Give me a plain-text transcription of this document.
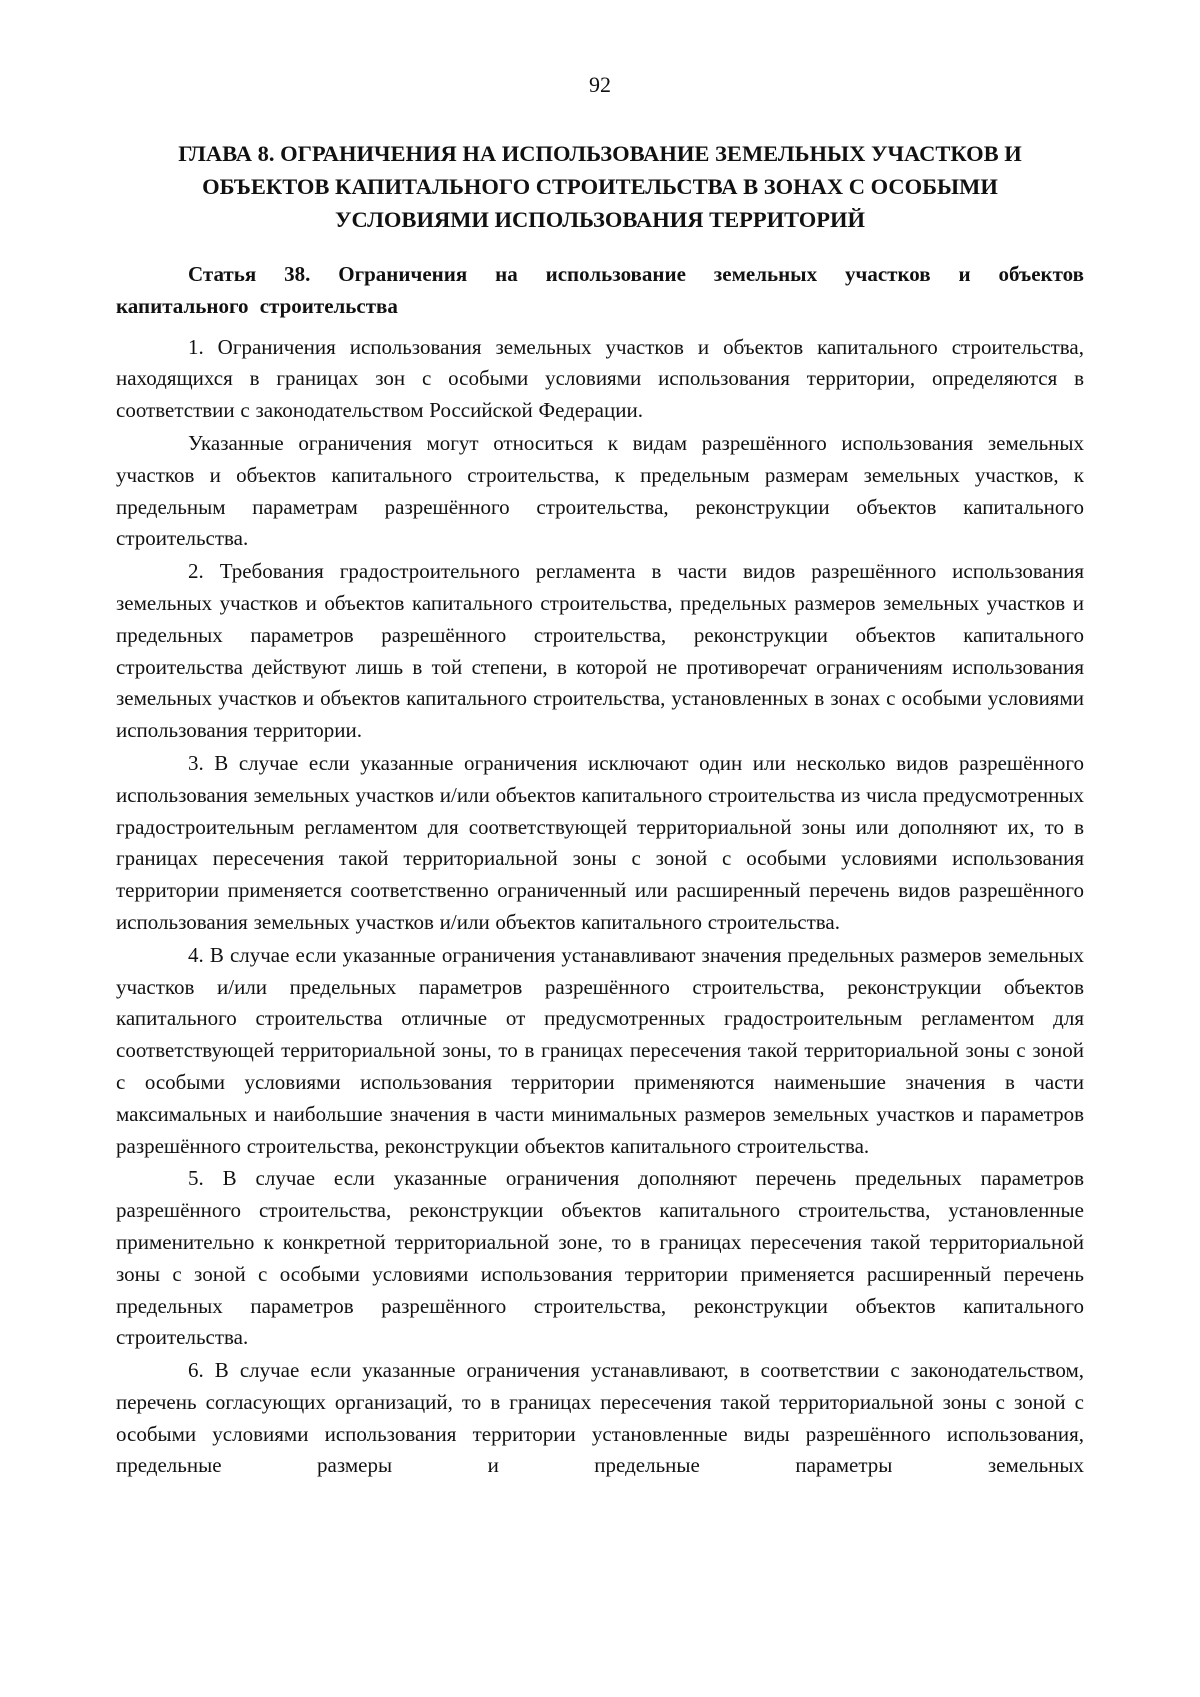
92
ГЛАВА 8. ОГРАНИЧЕНИЯ НА ИСПОЛЬЗОВАНИЕ ЗЕМЕЛЬНЫХ УЧАСТКОВ И
ОБЪЕКТОВ КАПИТАЛЬНОГО СТРОИТЕЛЬСТВА В ЗОНАХ С ОСОБЫМИ
УСЛОВИЯМИ ИСПОЛЬЗОВАНИЯ ТЕРРИТОРИЙ

Статья 38. Ограничения на использование земельных участков и объектов капитального строительства

1. Ограничения использования земельных участков и объектов капитального строительства, находящихся в границах зон с особыми условиями использования территории, определяются в соответствии с законодательством Российской Федерации.

Указанные ограничения могут относиться к видам разрешённого использования земельных участков и объектов капитального строительства, к предельным размерам земельных участков, к предельным параметрам разрешённого строительства, реконструкции объектов капитального строительства.

2. Требования градостроительного регламента в части видов разрешённого использования земельных участков и объектов капитального строительства, предельных размеров земельных участков и предельных параметров разрешённого строительства, реконструкции объектов капитального строительства действуют лишь в той степени, в которой не противоречат ограничениям использования земельных участков и объектов капитального строительства, установленных в зонах с особыми условиями использования территории.

3. В случае если указанные ограничения исключают один или несколько видов разрешённого использования земельных участков и/или объектов капитального строительства из числа предусмотренных градостроительным регламентом для соответствующей территориальной зоны или дополняют их, то в границах пересечения такой территориальной зоны с зоной с особыми условиями использования территории применяется соответственно ограниченный или расширенный перечень видов разрешённого использования земельных участков и/или объектов капитального строительства.

4. В случае если указанные ограничения устанавливают значения предельных размеров земельных участков и/или предельных параметров разрешённого строительства, реконструкции объектов капитального строительства отличные от предусмотренных градостроительным регламентом для соответствующей территориальной зоны, то в границах пересечения такой территориальной зоны с зоной с особыми условиями использования территории применяются наименьшие значения в части максимальных и наибольшие значения в части минимальных размеров земельных участков и параметров разрешённого строительства, реконструкции объектов капитального строительства.

5. В случае если указанные ограничения дополняют перечень предельных параметров разрешённого строительства, реконструкции объектов капитального строительства, установленные применительно к конкретной территориальной зоне, то в границах пересечения такой территориальной зоны с зоной с особыми условиями использования территории применяется расширенный перечень предельных параметров разрешённого строительства, реконструкции объектов капитального строительства.

6. В случае если указанные ограничения устанавливают, в соответствии с законодательством, перечень согласующих организаций, то в границах пересечения такой территориальной зоны с зоной с особыми условиями использования территории установленные виды разрешённого использования, предельные размеры и предельные параметры земельных
